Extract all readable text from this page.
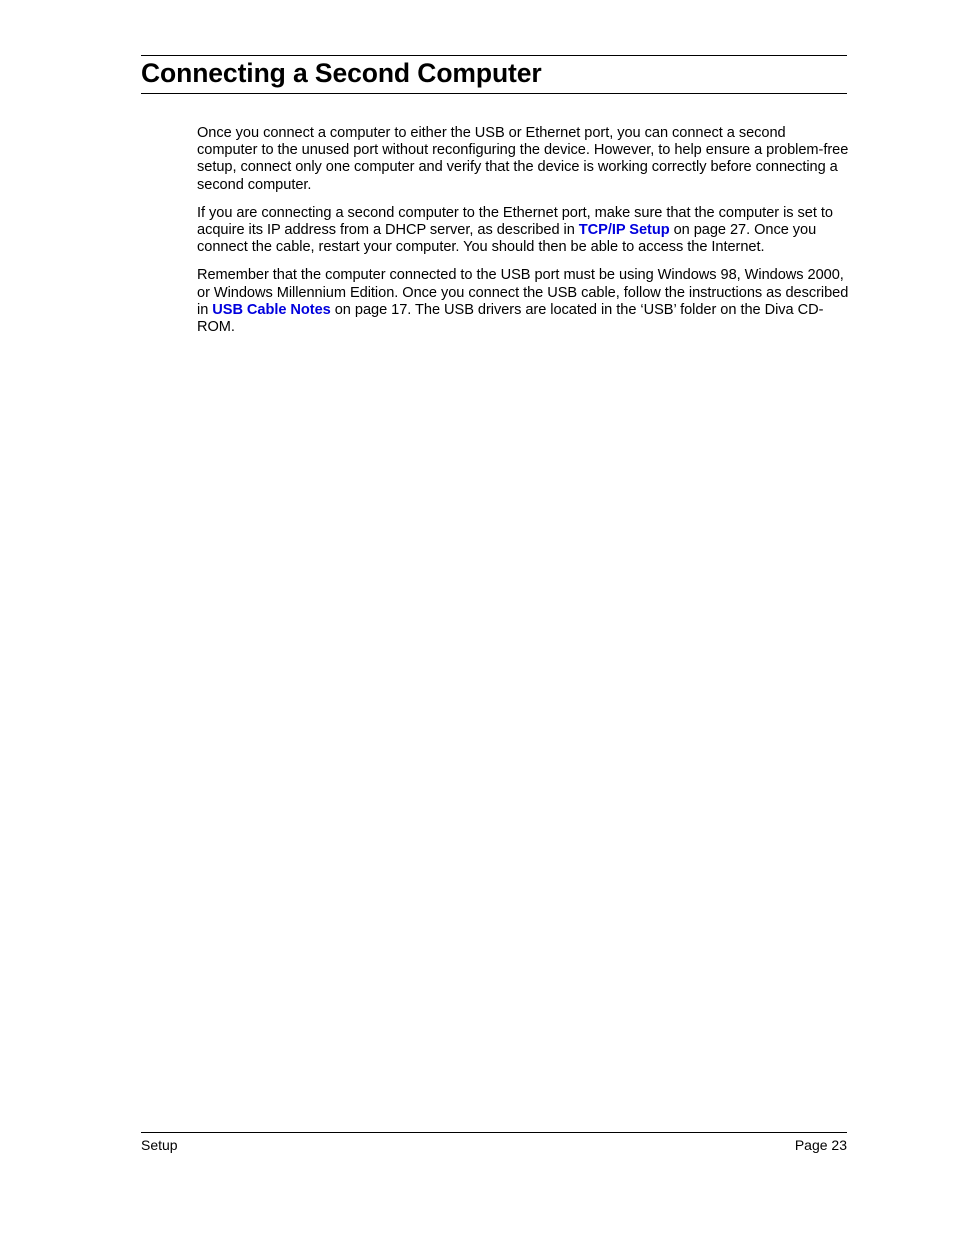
Connecting a Second Computer

Once you connect a computer to either the USB or Ethernet port, you can connect a second computer to the unused port without reconfiguring the device. However, to help ensure a problem-free setup, connect only one computer and verify that the device is working correctly before connecting a second computer.

If you are connecting a second computer to the Ethernet port, make sure that the computer is set to acquire its IP address from a DHCP server, as described in TCP/IP Setup on page 27. Once you connect the cable, restart your computer. You should then be able to access the Internet.

Remember that the computer connected to the USB port must be using Windows 98, Windows 2000, or Windows Millennium Edition. Once you connect the USB cable, follow the instructions as described in USB Cable Notes on page 17. The USB drivers are located in the ‘USB’ folder on the Diva CD-ROM.

Setup	Page 23
